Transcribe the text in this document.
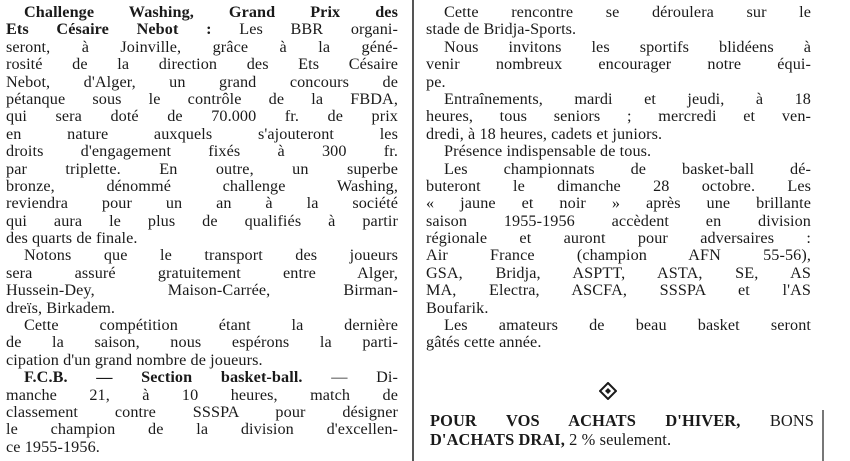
Challenge Washing, Grand Prix des
Ets Césaire Nebot : Les BBR organi-
seront, à Joinville, grâce à la géné-
rosité de la direction des Ets Césaire
Nebot, d'Alger, un grand concours de
pétanque sous le contrôle de la FBDA,
qui sera doté de 70.000 fr. de prix
en nature auxquels s'ajouteront les
droits d'engagement fixés à 300 fr.
par triplette. En outre, un superbe
bronze, dénommé challenge Washing,
reviendra pour un an à la société
qui aura le plus de qualifiés à partir
des quarts de finale.
Notons que le transport des joueurs
sera assuré gratuitement entre Alger,
Hussein-Dey, Maison-Carrée, Birman-
dreïs, Birkadem.
Cette compétition étant la dernière
de la saison, nous espérons la parti-
cipation d'un grand nombre de joueurs.
F.C.B. — Section basket-ball. — Di-
manche 21, à 10 heures, match de
classement contre SSSPA pour désigner
le champion de la division d'excellen-
ce 1955-1956.
Cette rencontre se déroulera sur le
stade de Bridja-Sports.
Nous invitons les sportifs blidéens à
venir nombreux encourager notre équi-
pe.
Entraînements, mardi et jeudi, à 18
heures, tous seniors ; mercredi et ven-
dredi, à 18 heures, cadets et juniors.
Présence indispensable de tous.
Les championnats de basket-ball dé-
buteront le dimanche 28 octobre. Les
« jaune et noir » après une brillante
saison 1955-1956 accèdent en division
régionale et auront pour adversaires :
Air France (champion AFN 55-56),
GSA, Bridja, ASPTT, ASTA, SE, AS
MA, Electra, ASCFA, SSSPA et l'AS
Boufarik.
Les amateurs de beau basket seront
gâtés cette année.
POUR VOS ACHATS D'HIVER, BONS
D'ACHATS DRAI, 2 % seulement.
